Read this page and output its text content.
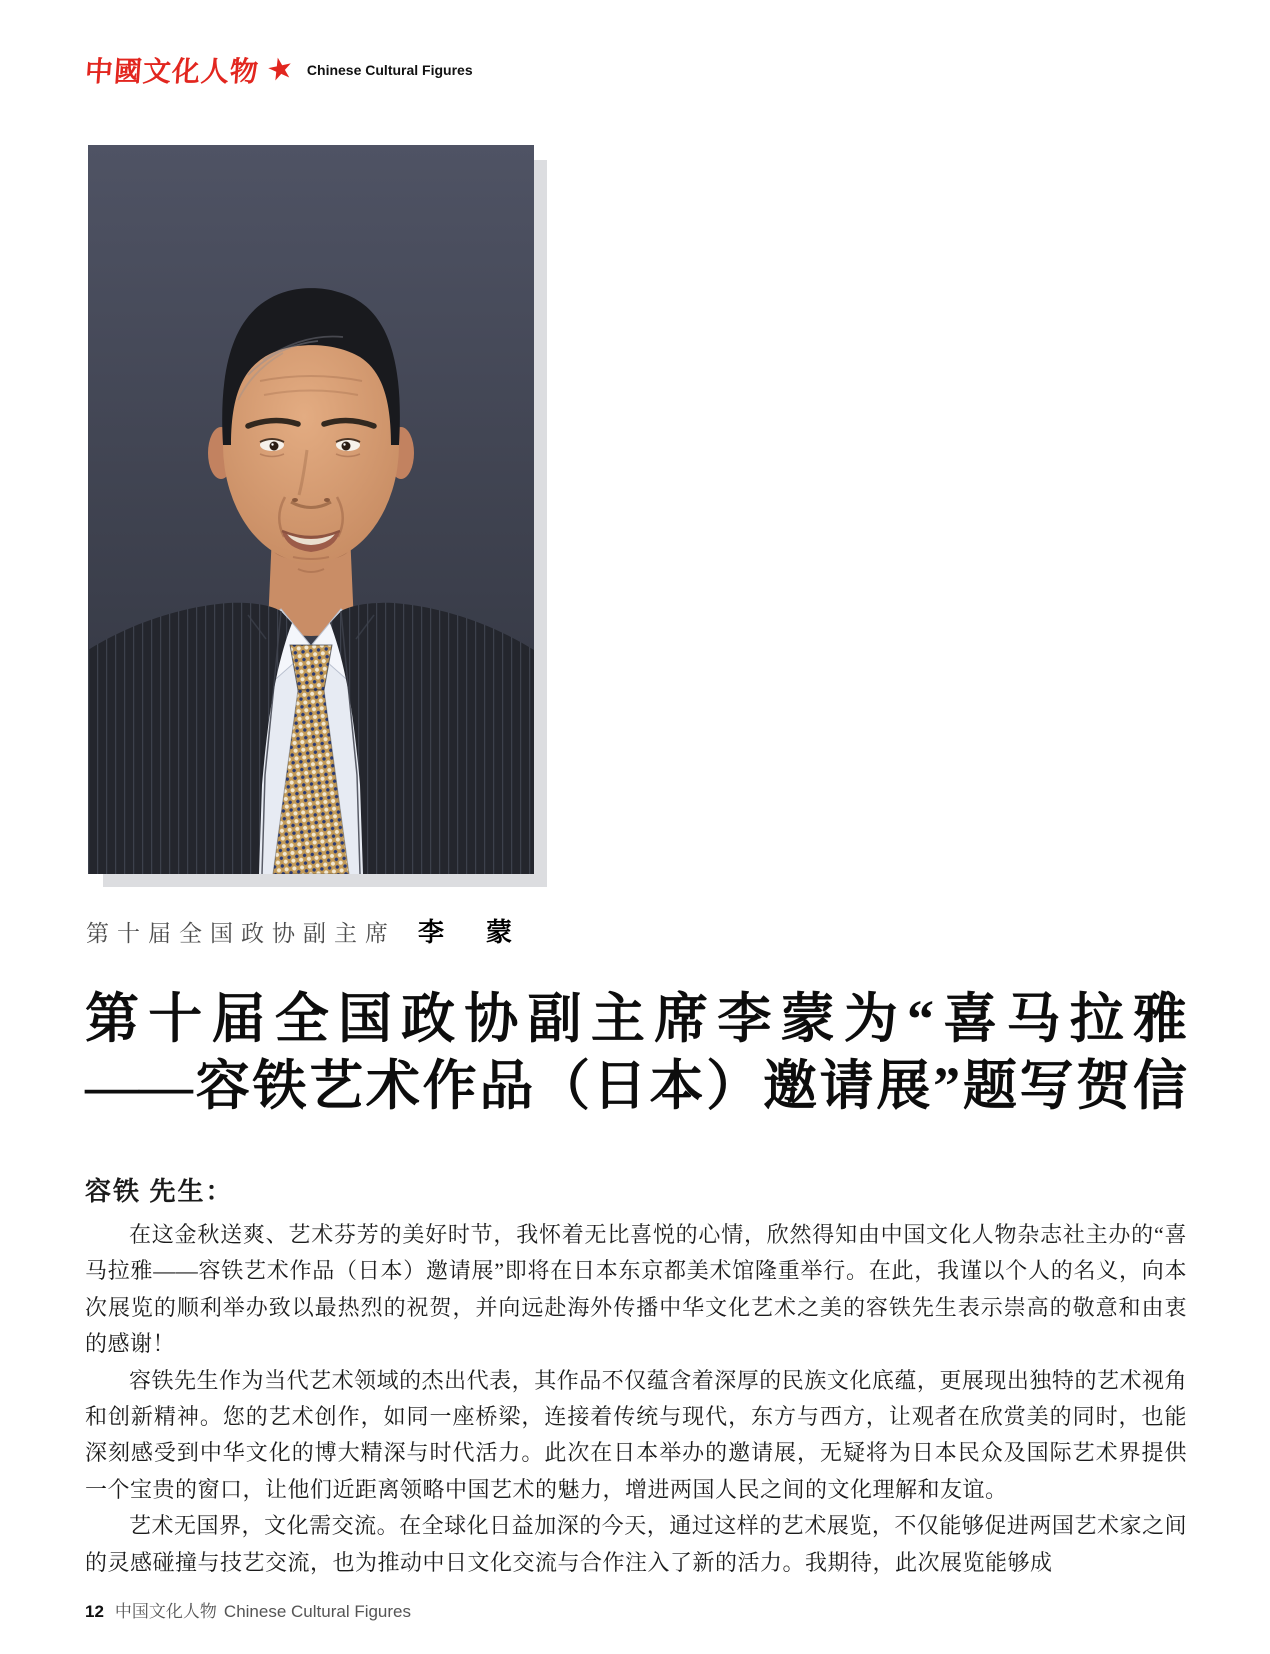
中國文化人物 ★ Chinese Cultural Figures
第十届全国政协副主席 李蒙
第十届全国政协副主席李蒙为“喜马拉雅
——容铁艺术作品（日本）邀请展”题写贺信
容铁 先生：

在这金秋送爽、艺术芬芳的美好时节，我怀着无比喜悦的心情，欣然得知由中国文化人物杂志社主办的“喜马拉雅——容铁艺术作品（日本）邀请展”即将在日本东京都美术馆隆重举行。在此，我谨以个人的名义，向本次展览的顺利举办致以最热烈的祝贺，并向远赴海外传播中华文化艺术之美的容铁先生表示崇高的敬意和由衷的感谢！

容铁先生作为当代艺术领域的杰出代表，其作品不仅蕴含着深厚的民族文化底蕴，更展现出独特的艺术视角和创新精神。您的艺术创作，如同一座桥梁，连接着传统与现代，东方与西方，让观者在欣赏美的同时，也能深刻感受到中华文化的博大精深与时代活力。此次在日本举办的邀请展，无疑将为日本民众及国际艺术界提供一个宝贵的窗口，让他们近距离领略中国艺术的魅力，增进两国人民之间的文化理解和友谊。

艺术无国界，文化需交流。在全球化日益加深的今天，通过这样的艺术展览，不仅能够促进两国艺术家之间的灵感碰撞与技艺交流，也为推动中日文化交流与合作注入了新的活力。我期待，此次展览能够成

12 中国文化人物 Chinese Cultural Figures
